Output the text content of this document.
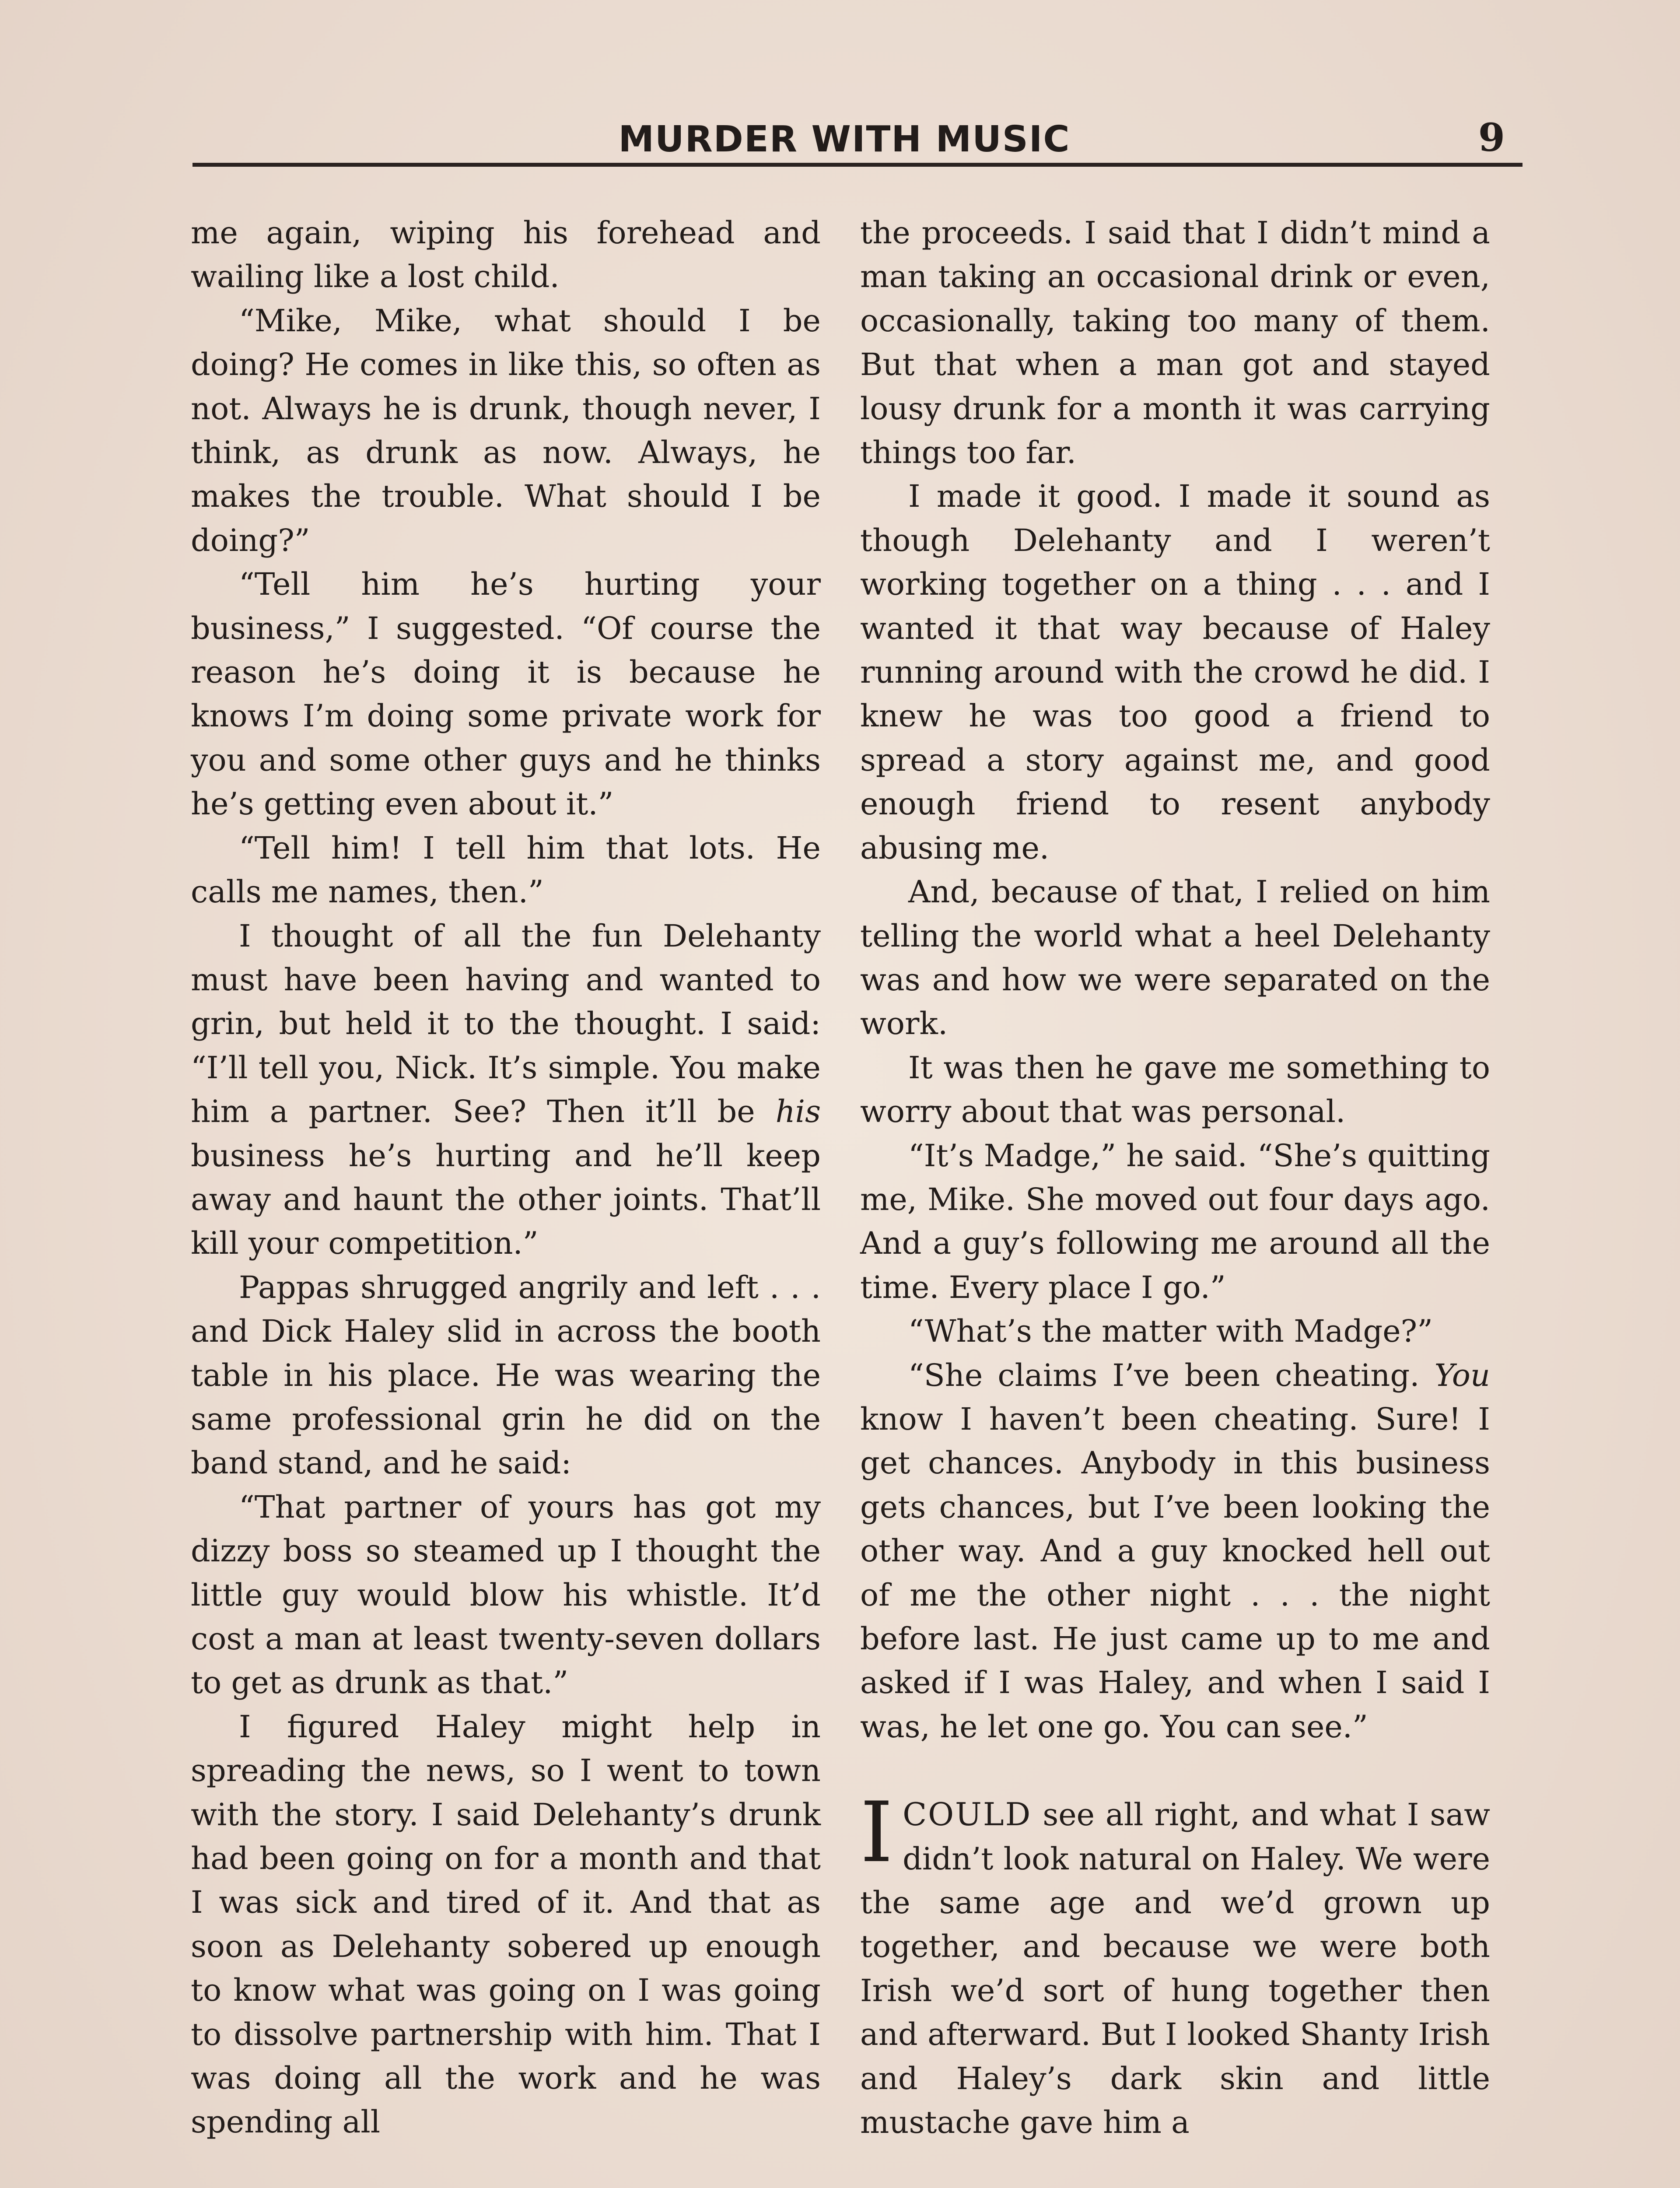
MURDER WITH MUSIC	9

me again, wiping his forehead and wailing like a lost child.

“Mike, Mike, what should I be doing? He comes in like this, so often as not. Always he is drunk, though never, I think, as drunk as now. Always, he makes the trouble. What should I be doing?”

“Tell him he’s hurting your business,” I suggested. “Of course the reason he’s doing it is because he knows I’m doing some private work for you and some other guys and he thinks he’s getting even about it.”

“Tell him! I tell him that lots. He calls me names, then.”

I thought of all the fun Delehanty must have been having and wanted to grin, but held it to the thought. I said: “I’ll tell you, Nick. It’s simple. You make him a partner. See? Then it’ll be his business he’s hurting and he’ll keep away and haunt the other joints. That’ll kill your competition.”

Pappas shrugged angrily and left . . . and Dick Haley slid in across the booth table in his place. He was wearing the same professional grin he did on the band stand, and he said:

“That partner of yours has got my dizzy boss so steamed up I thought the little guy would blow his whistle. It’d cost a man at least twenty-seven dollars to get as drunk as that.”

I figured Haley might help in spreading the news, so I went to town with the story. I said Delehanty’s drunk had been going on for a month and that I was sick and tired of it. And that as soon as Delehanty sobered up enough to know what was going on I was going to dissolve partnership with him. That I was doing all the work and he was spending all

the proceeds. I said that I didn’t mind a man taking an occasional drink or even, occasionally, taking too many of them. But that when a man got and stayed lousy drunk for a month it was carrying things too far.

I made it good. I made it sound as though Delehanty and I weren’t working together on a thing . . . and I wanted it that way because of Haley running around with the crowd he did. I knew he was too good a friend to spread a story against me, and good enough friend to resent anybody abusing me.

And, because of that, I relied on him telling the world what a heel Delehanty was and how we were separated on the work.

It was then he gave me something to worry about that was personal.

“It’s Madge,” he said. “She’s quitting me, Mike. She moved out four days ago. And a guy’s following me around all the time. Every place I go.”

“What’s the matter with Madge?”

“She claims I’ve been cheating. You know I haven’t been cheating. Sure! I get chances. Anybody in this business gets chances, but I’ve been looking the other way. And a guy knocked hell out of me the other night . . . the night before last. He just came up to me and asked if I was Haley, and when I said I was, he let one go. You can see.”

ICOULD see all right, and what I saw didn’t look natural on Haley. We were the same age and we’d grown up together, and because we were both Irish we’d sort of hung together then and afterward. But I looked Shanty Irish and Haley’s dark skin and little mustache gave him a
